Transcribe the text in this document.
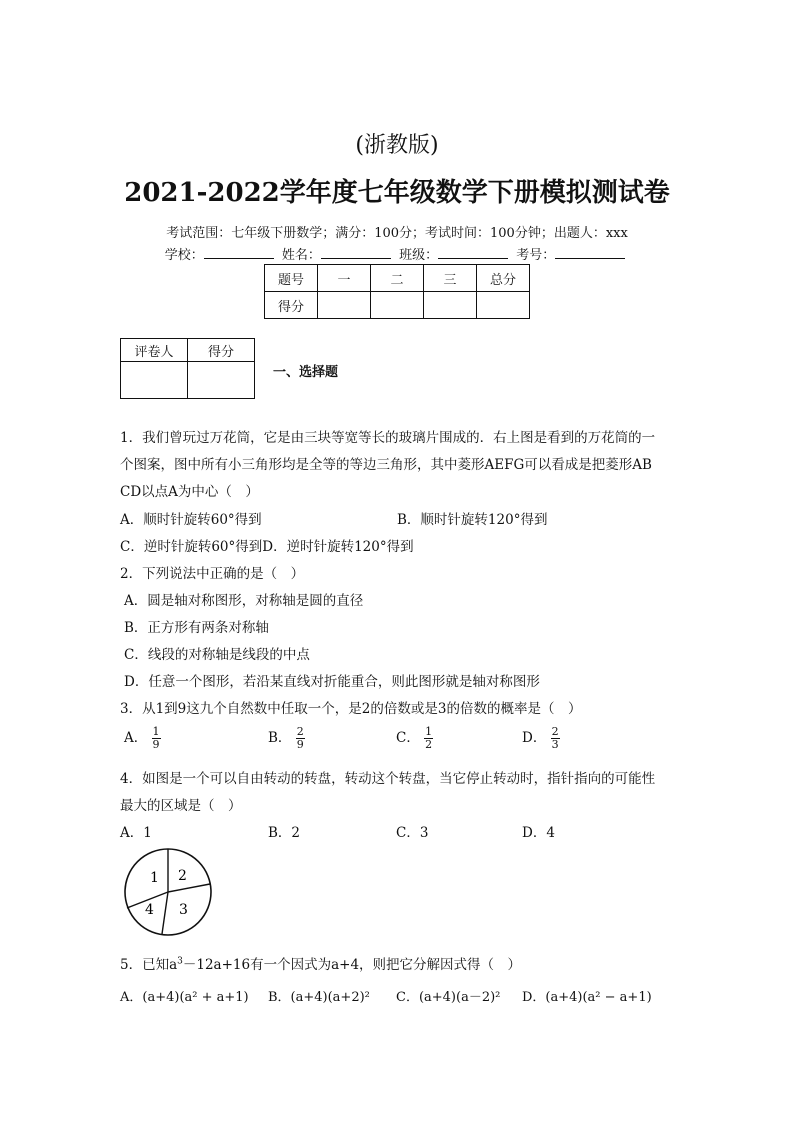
(浙教版)
2021-2022学年度七年级数学下册模拟测试卷
考试范围：七年级下册数学；满分：100分；考试时间：100分钟；出题人：xxx
学校：	姓名：	班级：	考号：
题号	一	二	三	总分
得分				
评卷人	得分

一、选择题
1．我们曾玩过万花筒，它是由三块等宽等长的玻璃片围成的．右上图是看到的万花筒的一
个图案，图中所有小三角形均是全等的等边三角形，其中菱形AEFG可以看成是把菱形AB
CD以点A为中心（　）
A．顺时针旋转60°得到	B．顺时针旋转120°得到
C．逆时针旋转60°得到D．逆时针旋转120°得到
2．下列说法中正确的是（　）
A．圆是轴对称图形，对称轴是圆的直径
B．正方形有两条对称轴
C．线段的对称轴是线段的中点
D．任意一个图形，若沿某直线对折能重合，则此图形就是轴对称图形
3．从1到9这九个自然数中任取一个，是2的倍数或是3的倍数的概率是（　）
A． $\frac{1}{9}$	B． $\frac{2}{9}$	C． $\frac{1}{2}$	D． $\frac{2}{3}$
4．如图是一个可以自由转动的转盘，转动这个转盘，当它停止转动时，指针指向的可能性
最大的区域是（　）
A．1	B．2	C．3	D．4
1 2
3
4
5．已知$a^3-12a+16$有一个因式为a+4，则把它分解因式得（　）
A．(a+4)(a² + a+1) B．(a+4)(a+2)² C．(a+4)(a－2)² D．(a+4)(a² − a+1)
